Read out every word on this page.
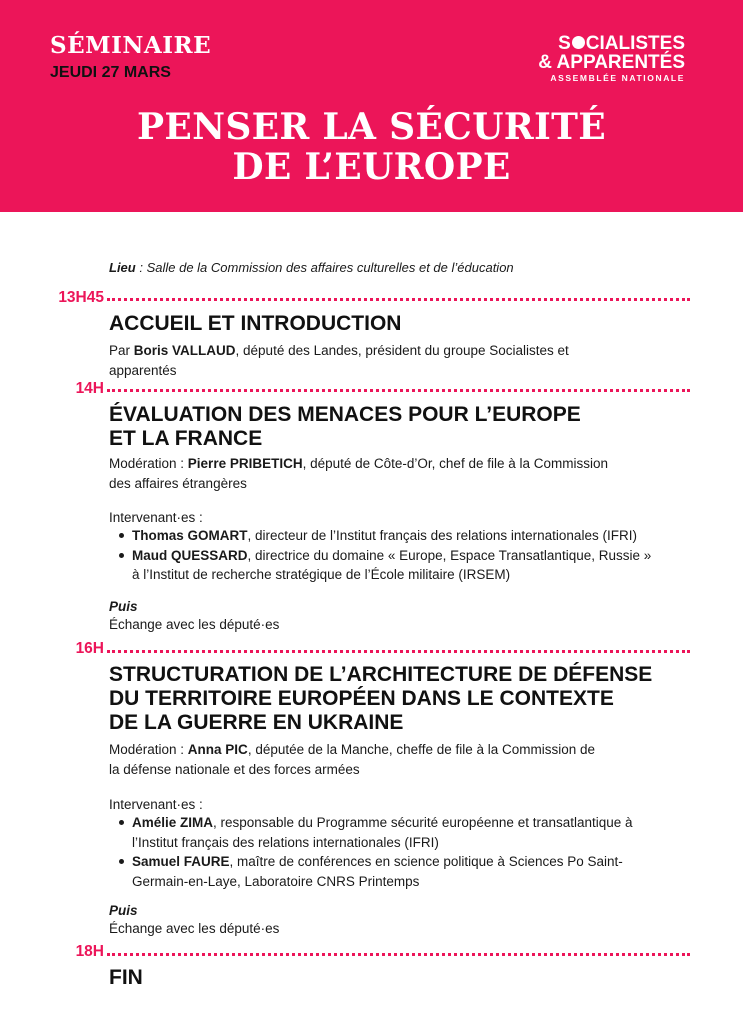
SÉMINAIRE
JEUDI 27 MARS
S CIALISTES
& APPARENTÉS
ASSEMBLÉE NATIONALE
PENSER LA SÉCURITÉ
DE L’EUROPE
Lieu : Salle de la Commission des affaires culturelles et de l’éducation
13H45
ACCUEIL ET INTRODUCTION
Par Boris VALLAUD, député des Landes, président du groupe Socialistes et
apparentés
14H
ÉVALUATION DES MENACES POUR L’EUROPE
ET LA FRANCE
Modération : Pierre PRIBETICH, député de Côte-d’Or, chef de file à la Commission
des affaires étrangères
Intervenant·es :
Thomas GOMART, directeur de l’Institut français des relations internationales (IFRI)
Maud QUESSARD, directrice du domaine « Europe, Espace Transatlantique, Russie »
à l’Institut de recherche stratégique de l’École militaire (IRSEM)
Puis
Échange avec les député·es
16H
STRUCTURATION DE L’ARCHITECTURE DE DÉFENSE
DU TERRITOIRE EUROPÉEN DANS LE CONTEXTE
DE LA GUERRE EN UKRAINE
Modération : Anna PIC, députée de la Manche, cheffe de file à la Commission de
la défense nationale et des forces armées
Intervenant·es :
Amélie ZIMA, responsable du Programme sécurité européenne et transatlantique à
l’Institut français des relations internationales (IFRI)
Samuel FAURE, maître de conférences en science politique à Sciences Po Saint-
Germain-en-Laye, Laboratoire CNRS Printemps
Puis
Échange avec les député·es
18H
FIN
